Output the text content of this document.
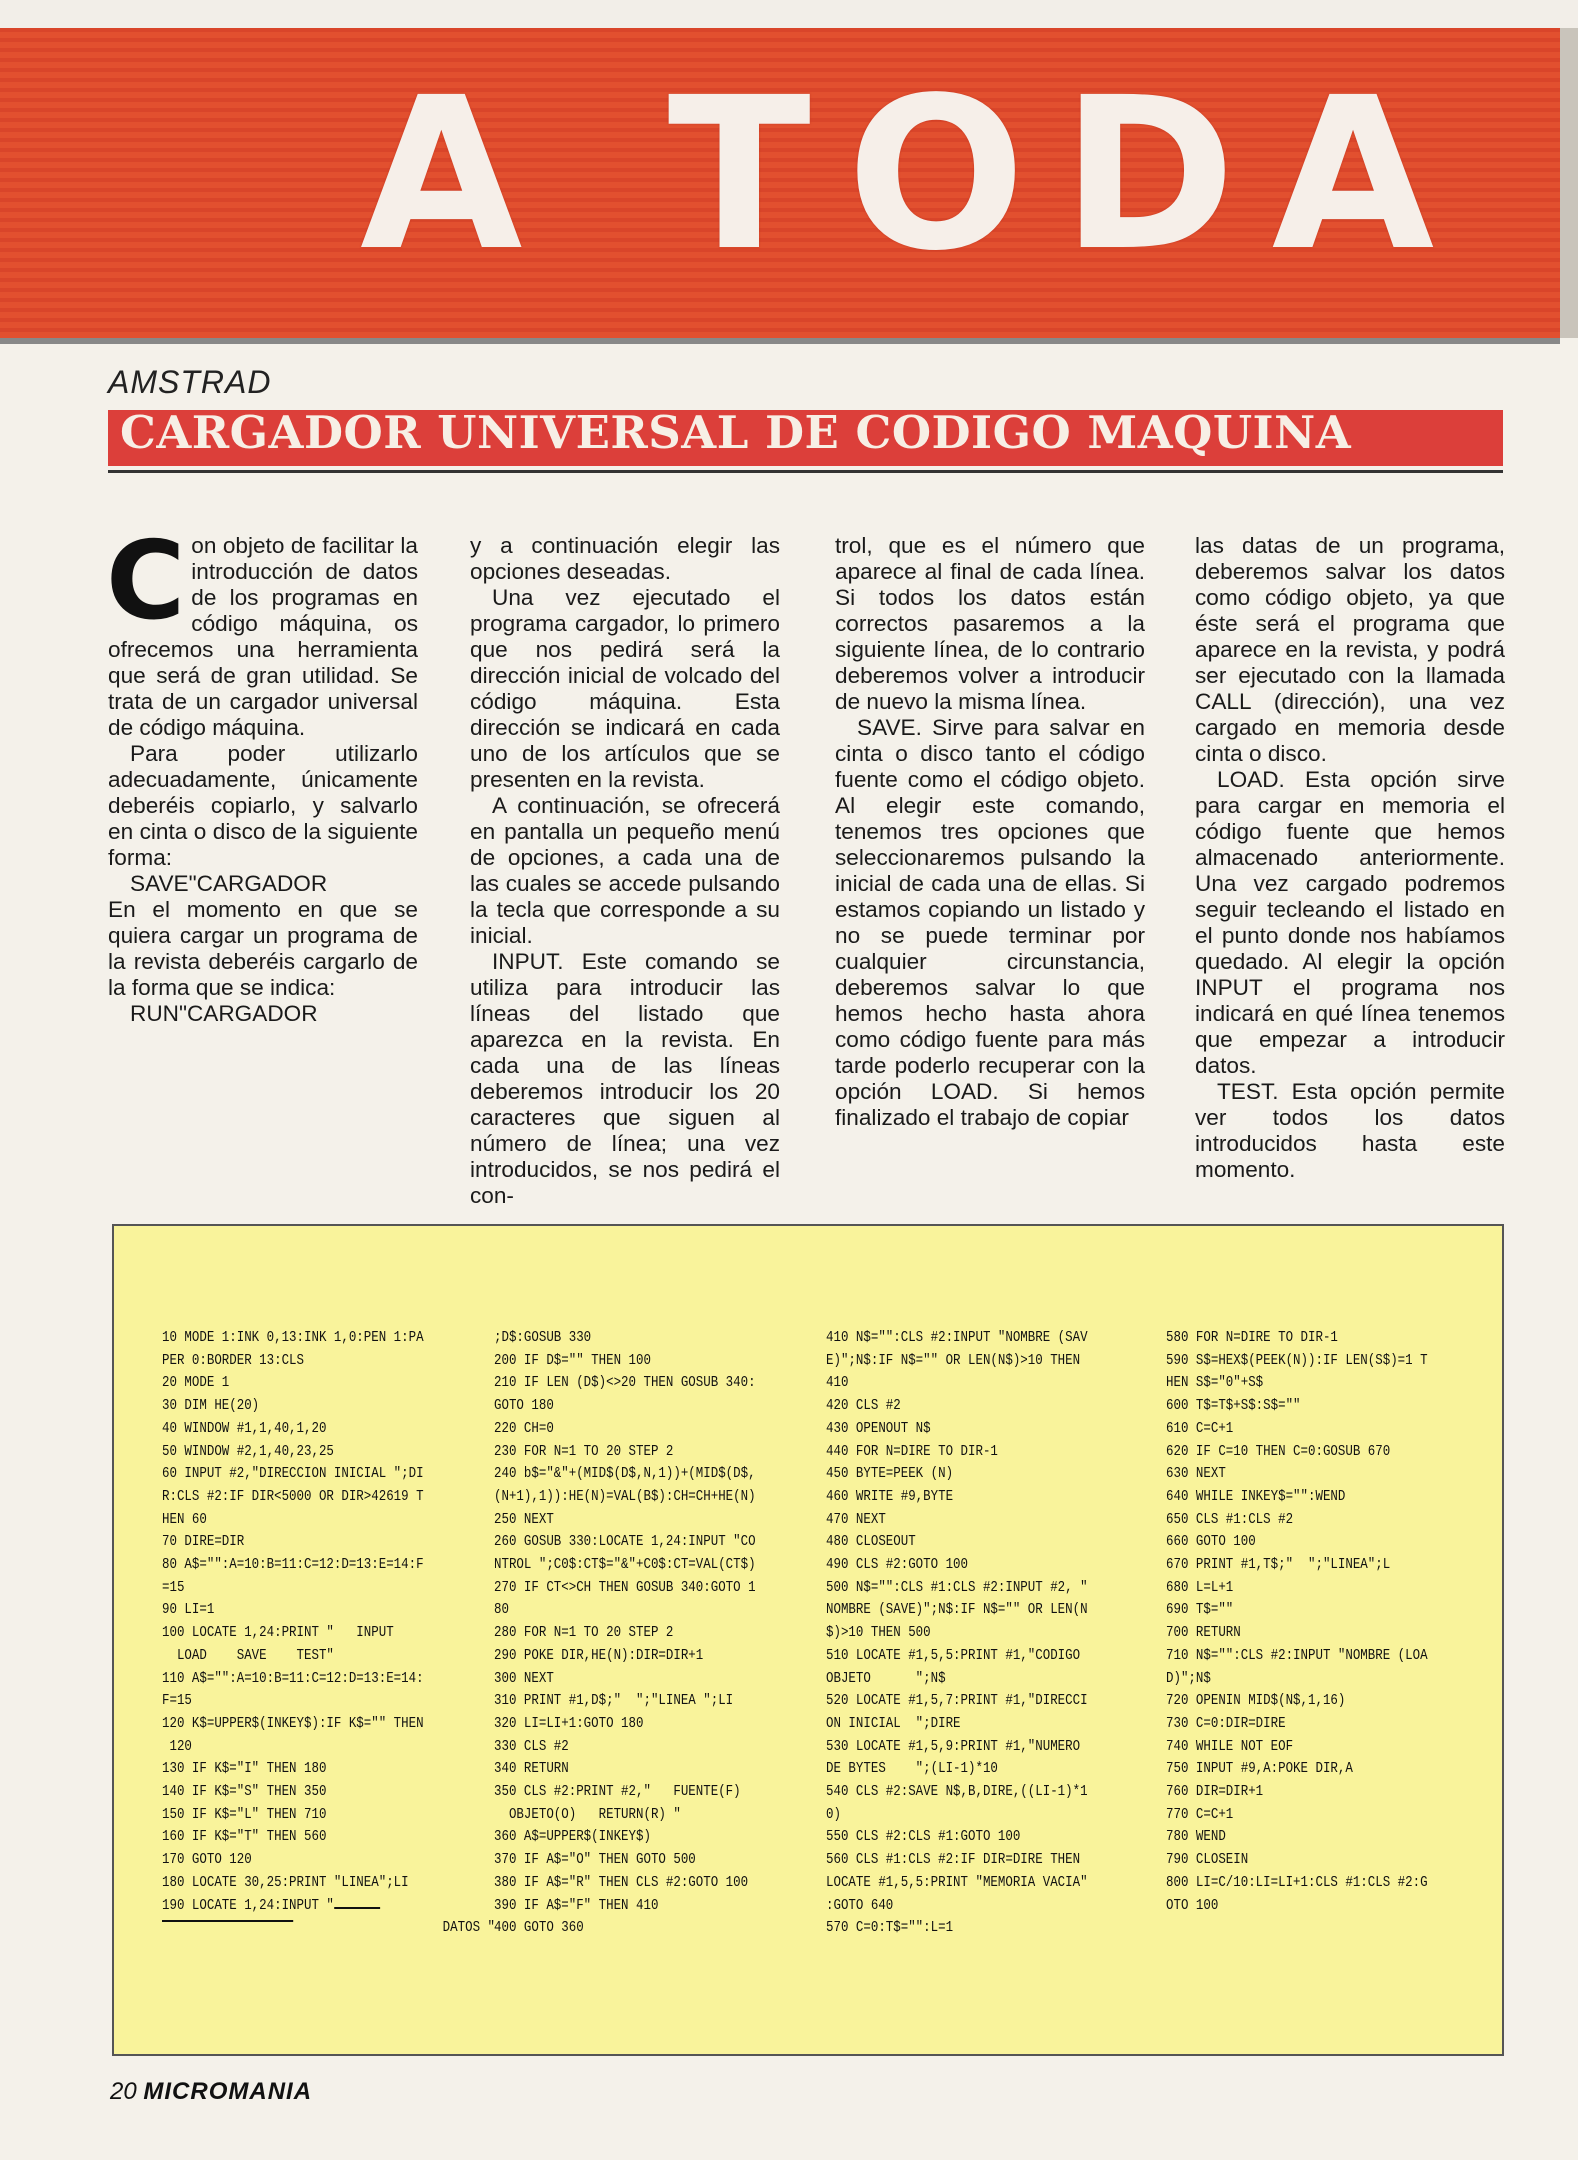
A TODA
AMSTRAD
CARGADOR UNIVERSAL DE CODIGO MAQUINA
C on objeto de facilitar la introducción de datos de los programas en código máquina, os ofrecemos una herramienta que será de gran utilidad. Se trata de un cargador universal de código máquina.

Para poder utilizarlo adecuadamente, únicamente deberéis copiarlo, y salvarlo en cinta o disco de la siguiente forma:

SAVE"CARGADOR

En el momento en que se quiera cargar un programa de la revista deberéis cargarlo de la forma que se indica:

RUN"CARGADOR

y a continuación elegir las opciones deseadas.

Una vez ejecutado el programa cargador, lo primero que nos pedirá será la dirección inicial de volcado del código máquina. Esta dirección se indicará en cada uno de los artículos que se presenten en la revista.

A continuación, se ofrecerá en pantalla un pequeño menú de opciones, a cada una de las cuales se accede pulsando la tecla que corresponde a su inicial.

INPUT. Este comando se utiliza para introducir las líneas del listado que aparezca en la revista. En cada una de las líneas deberemos introducir los 20 caracteres que siguen al número de línea; una vez introducidos, se nos pedirá el con-

trol, que es el número que aparece al final de cada línea. Si todos los datos están correctos pasaremos a la siguiente línea, de lo contrario deberemos volver a introducir de nuevo la misma línea.

SAVE. Sirve para salvar en cinta o disco tanto el código fuente como el código objeto. Al elegir este comando, tenemos tres opciones que seleccionaremos pulsando la inicial de cada una de ellas. Si estamos copiando un listado y no se puede terminar por cualquier circunstancia, deberemos salvar lo que hemos hecho hasta ahora como código fuente para más tarde poderlo recuperar con la opción LOAD. Si hemos finalizado el trabajo de copiar

las datas de un programa, deberemos salvar los datos como código objeto, ya que éste será el programa que aparece en la revista, y podrá ser ejecutado con la llamada CALL (dirección), una vez cargado en memoria desde cinta o disco.

LOAD. Esta opción sirve para cargar en memoria el código fuente que hemos almacenado anteriormente. Una vez cargado podremos seguir tecleando el listado en el punto donde nos habíamos quedado. Al elegir la opción INPUT el programa nos indicará en qué línea tenemos que empezar a introducir datos.

TEST. Esta opción permite ver todos los datos introducidos hasta este momento.

10 MODE 1:INK 0,13:INK 1,0:PEN 1:PA
PER 0:BORDER 13:CLS
20 MODE 1
30 DIM HE(20)
40 WINDOW #1,1,40,1,20
50 WINDOW #2,1,40,23,25
60 INPUT #2,"DIRECCION INICIAL ";DI
R:CLS #2:IF DIR<5000 OR DIR>42619 T
HEN 60
70 DIRE=DIR
80 A$="":A=10:B=11:C=12:D=13:E=14:F
=15
90 LI=1
100 LOCATE 1,24:PRINT "   INPUT
LOAD    SAVE    TEST"
110 A$="":A=10:B=11:C=12:D=13:E=14:
F=15
120 K$=UPPER$(INKEY$):IF K$="" THEN
120
130 IF K$="I" THEN 180
140 IF K$="S" THEN 350
150 IF K$="L" THEN 710
160 IF K$="T" THEN 560
170 GOTO 120
180 LOCATE 30,25:PRINT "LINEA";LI
190 LOCATE 1,24:INPUT "
DATOS "
;D$:GOSUB 330
200 IF D$="" THEN 100
210 IF LEN (D$)<>20 THEN GOSUB 340:
GOTO 180
220 CH=0
230 FOR N=1 TO 20 STEP 2
240 b$="&"+(MID$(D$,N,1))+(MID$(D$,
(N+1),1)):HE(N)=VAL(B$):CH=CH+HE(N)
250 NEXT
260 GOSUB 330:LOCATE 1,24:INPUT "CO
NTROL ";C0$:CT$="&"+C0$:CT=VAL(CT$)
270 IF CT<>CH THEN GOSUB 340:GOTO 1
80
280 FOR N=1 TO 20 STEP 2
290 POKE DIR,HE(N):DIR=DIR+1
300 NEXT
310 PRINT #1,D$;"  ";"LINEA ";LI
320 LI=LI+1:GOTO 180
330 CLS #2
340 RETURN
350 CLS #2:PRINT #2,"   FUENTE(F)
OBJETO(O)   RETURN(R) "
360 A$=UPPER$(INKEY$)
370 IF A$="O" THEN GOTO 500
380 IF A$="R" THEN CLS #2:GOTO 100
390 IF A$="F" THEN 410
400 GOTO 360
410 N$="":CLS #2:INPUT "NOMBRE (SAV
E)";N$:IF N$="" OR LEN(N$)>10 THEN
410
420 CLS #2
430 OPENOUT N$
440 FOR N=DIRE TO DIR-1
450 BYTE=PEEK (N)
460 WRITE #9,BYTE
470 NEXT
480 CLOSEOUT
490 CLS #2:GOTO 100
500 N$="":CLS #1:CLS #2:INPUT #2, "
NOMBRE (SAVE)";N$:IF N$="" OR LEN(N
$)>10 THEN 500
510 LOCATE #1,5,5:PRINT #1,"CODIGO
OBJETO      ";N$
520 LOCATE #1,5,7:PRINT #1,"DIRECCI
ON INICIAL  ";DIRE
530 LOCATE #1,5,9:PRINT #1,"NUMERO
DE BYTES    ";(LI-1)*10
540 CLS #2:SAVE N$,B,DIRE,((LI-1)*1
0)
550 CLS #2:CLS #1:GOTO 100
560 CLS #1:CLS #2:IF DIR=DIRE THEN
LOCATE #1,5,5:PRINT "MEMORIA VACIA"
:GOTO 640
570 C=0:T$="":L=1
580 FOR N=DIRE TO DIR-1
590 S$=HEX$(PEEK(N)):IF LEN(S$)=1 T
HEN S$="0"+S$
600 T$=T$+S$:S$=""
610 C=C+1
620 IF C=10 THEN C=0:GOSUB 670
630 NEXT
640 WHILE INKEY$="":WEND
650 CLS #1:CLS #2
660 GOTO 100
670 PRINT #1,T$;"  ";"LINEA";L
680 L=L+1
690 T$=""
700 RETURN
710 N$="":CLS #2:INPUT "NOMBRE (LOA
D)";N$
720 OPENIN MID$(N$,1,16)
730 C=0:DIR=DIRE
740 WHILE NOT EOF
750 INPUT #9,A:POKE DIR,A
760 DIR=DIR+1
770 C=C+1
780 WEND
790 CLOSEIN
800 LI=C/10:LI=LI+1:CLS #1:CLS #2:G
OTO 100
20 MICROMANIA
